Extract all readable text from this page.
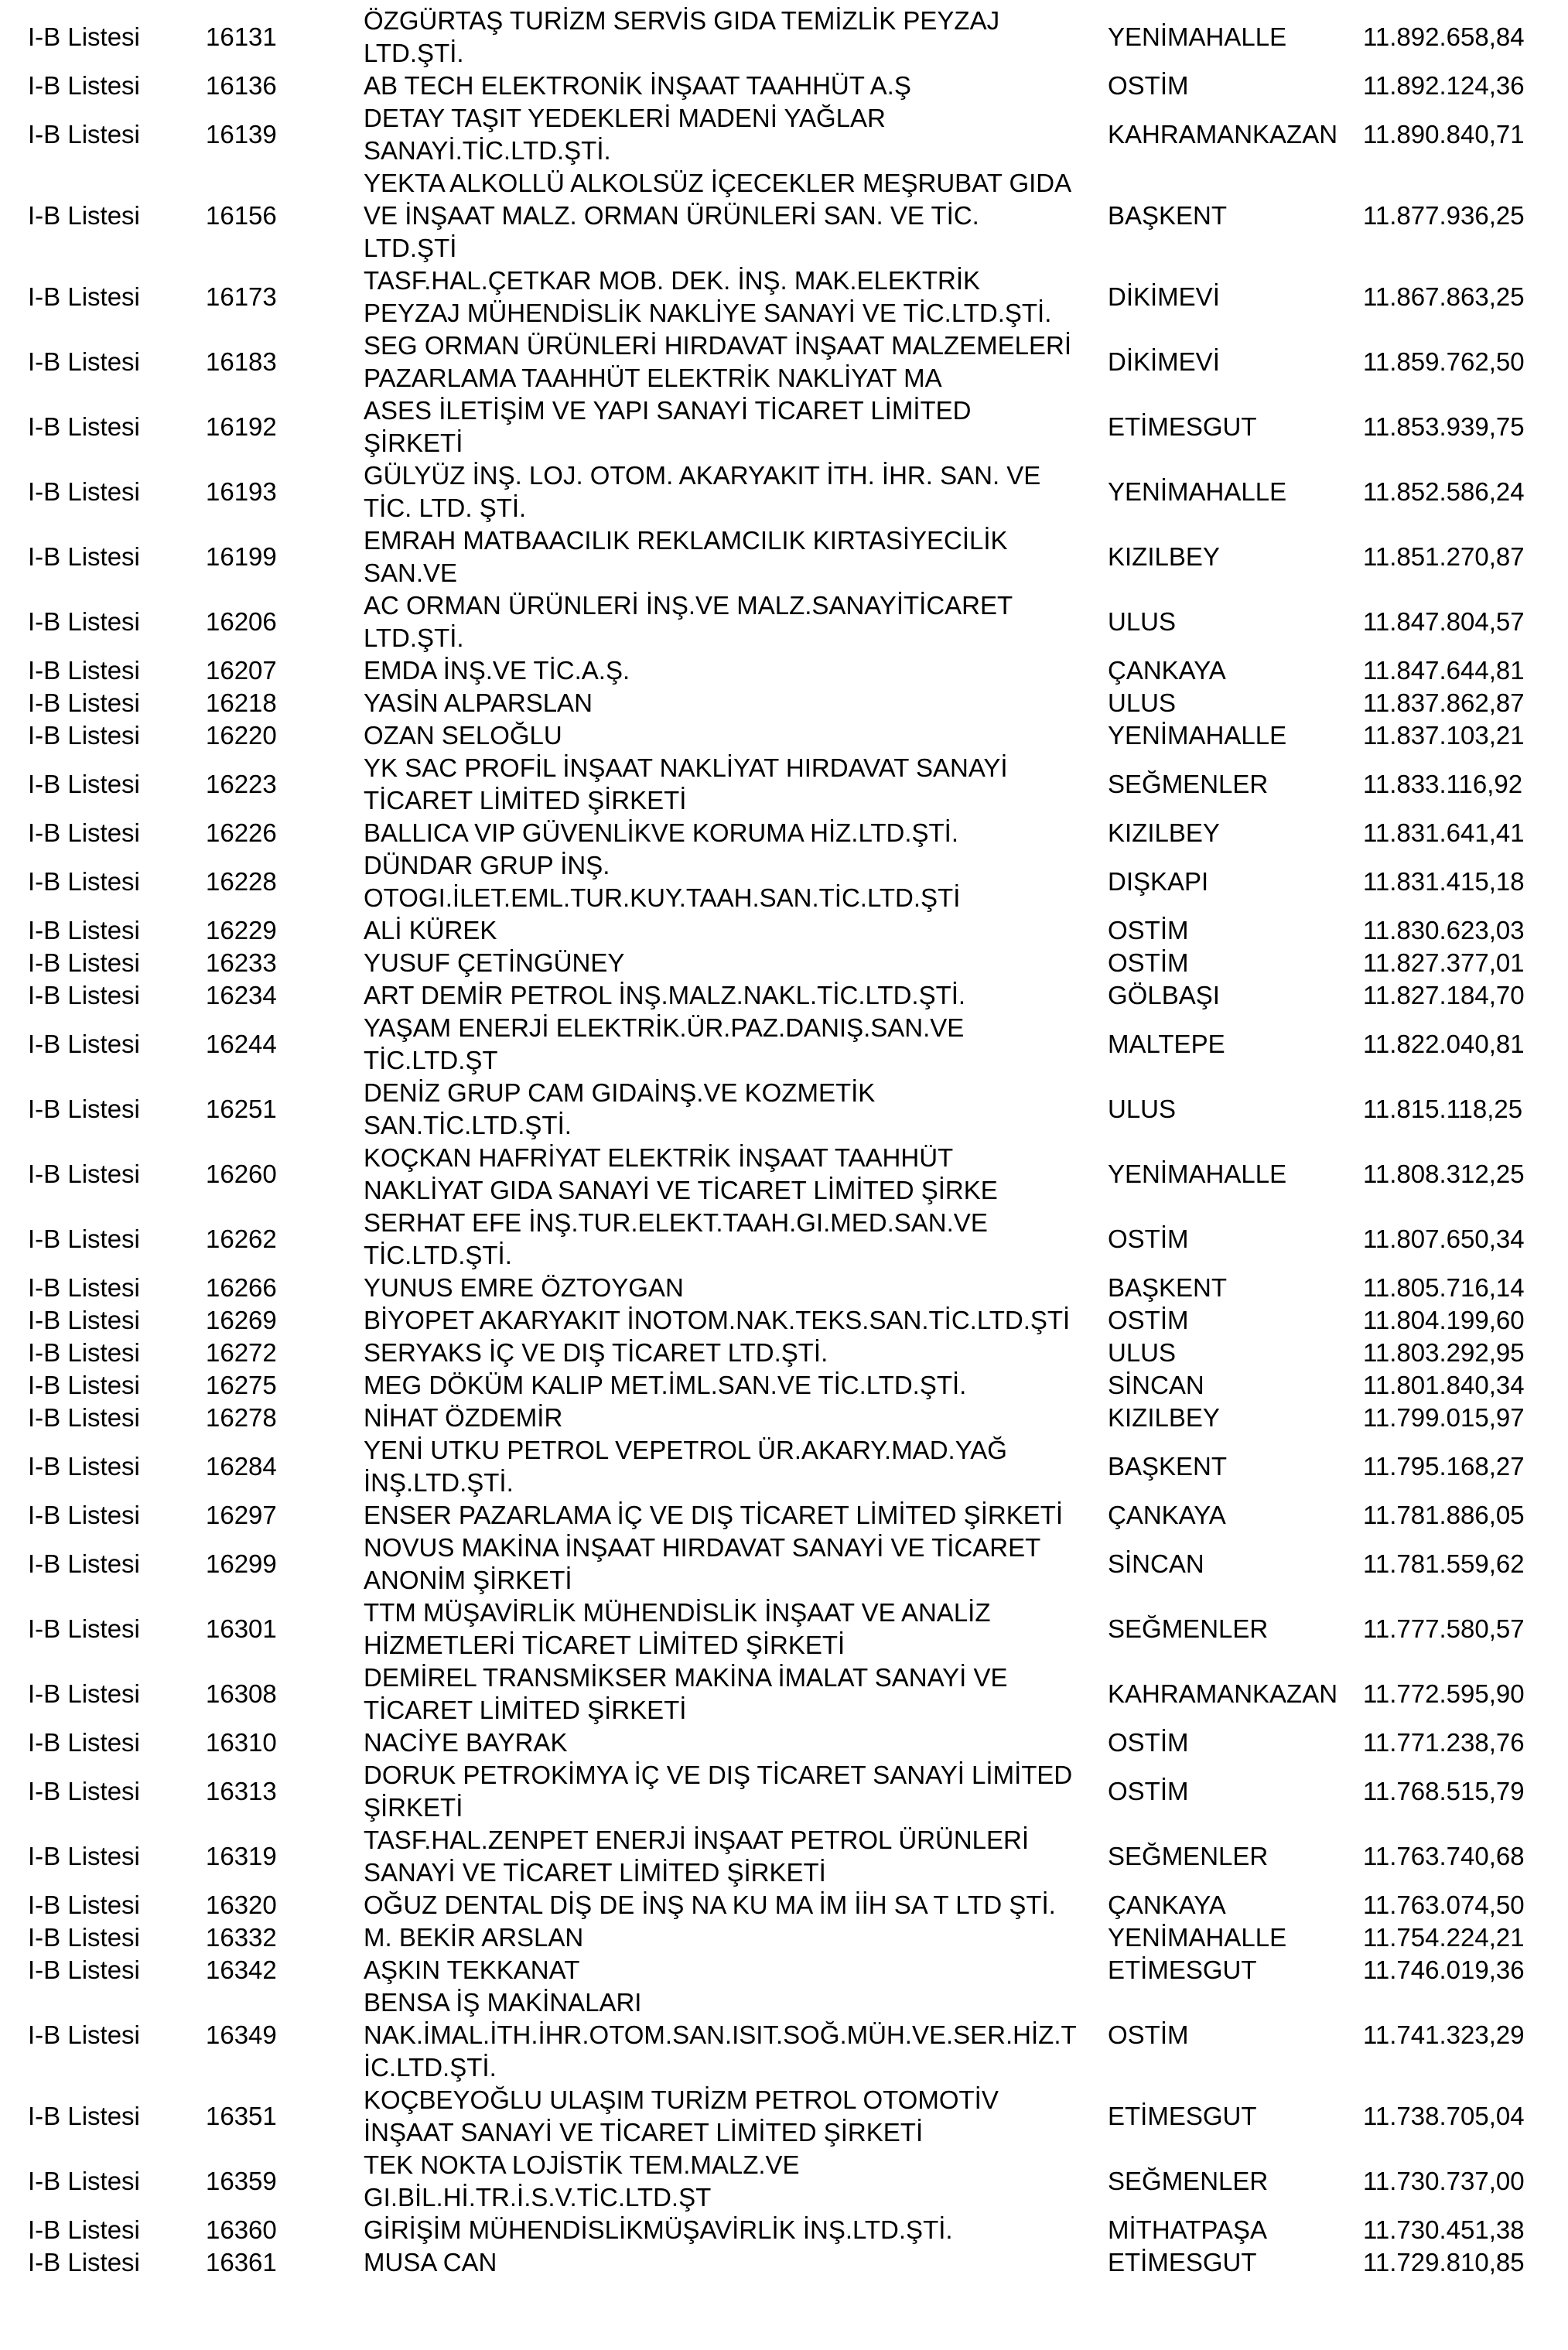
I-B Listesi	16131	ÖZGÜRTAŞ TURİZM SERVİS GIDA TEMİZLİK PEYZAJ
LTD.ŞTİ.	YENİMAHALLE	11.892.658,84

I-B Listesi	16136	AB TECH ELEKTRONİK İNŞAAT TAAHHÜT A.Ş	OSTİM	11.892.124,36

I-B Listesi	16139	DETAY TAŞIT YEDEKLERİ MADENİ YAĞLAR
SANAYİ.TİC.LTD.ŞTİ.	KAHRAMANKAZAN	11.890.840,71

I-B Listesi	16156	YEKTA ALKOLLÜ ALKOLSÜZ İÇECEKLER MEŞRUBAT GIDA
VE İNŞAAT MALZ. ORMAN ÜRÜNLERİ SAN. VE TİC.
LTD.ŞTİ	BAŞKENT	11.877.936,25

I-B Listesi	16173	TASF.HAL.ÇETKAR MOB. DEK. İNŞ. MAK.ELEKTRİK
PEYZAJ MÜHENDİSLİK NAKLİYE SANAYİ VE TİC.LTD.ŞTİ.	DİKİMEVİ	11.867.863,25

I-B Listesi	16183	SEG ORMAN ÜRÜNLERİ HIRDAVAT İNŞAAT MALZEMELERİ
PAZARLAMA TAAHHÜT ELEKTRİK NAKLİYAT MA	DİKİMEVİ	11.859.762,50

I-B Listesi	16192	ASES İLETİŞİM VE YAPI SANAYİ TİCARET LİMİTED
ŞİRKETİ	ETİMESGUT	11.853.939,75

I-B Listesi	16193	GÜLYÜZ İNŞ. LOJ. OTOM. AKARYAKIT İTH. İHR. SAN. VE
TİC. LTD. ŞTİ.	YENİMAHALLE	11.852.586,24

I-B Listesi	16199	EMRAH MATBAACILIK REKLAMCILIK KIRTASİYECİLİK
SAN.VE	KIZILBEY	11.851.270,87

I-B Listesi	16206	AC ORMAN ÜRÜNLERİ İNŞ.VE MALZ.SANAYİTİCARET
LTD.ŞTİ.	ULUS	11.847.804,57

I-B Listesi	16207	EMDA İNŞ.VE TİC.A.Ş.	ÇANKAYA	11.847.644,81

I-B Listesi	16218	YASİN ALPARSLAN	ULUS	11.837.862,87

I-B Listesi	16220	OZAN SELOĞLU	YENİMAHALLE	11.837.103,21

I-B Listesi	16223	YK SAC PROFİL İNŞAAT NAKLİYAT HIRDAVAT SANAYİ
TİCARET LİMİTED ŞİRKETİ	SEĞMENLER	11.833.116,92

I-B Listesi	16226	BALLICA VIP GÜVENLİKVE KORUMA HİZ.LTD.ŞTİ.	KIZILBEY	11.831.641,41

I-B Listesi	16228	DÜNDAR GRUP İNŞ.
OTOGI.İLET.EML.TUR.KUY.TAAH.SAN.TİC.LTD.ŞTİ	DIŞKAPI	11.831.415,18

I-B Listesi	16229	ALİ KÜREK	OSTİM	11.830.623,03

I-B Listesi	16233	YUSUF ÇETİNGÜNEY	OSTİM	11.827.377,01

I-B Listesi	16234	ART DEMİR PETROL İNŞ.MALZ.NAKL.TİC.LTD.ŞTİ.	GÖLBAŞI	11.827.184,70

I-B Listesi	16244	YAŞAM ENERJİ ELEKTRİK.ÜR.PAZ.DANIŞ.SAN.VE
TİC.LTD.ŞT	MALTEPE	11.822.040,81

I-B Listesi	16251	DENİZ GRUP CAM GIDAİNŞ.VE KOZMETİK
SAN.TİC.LTD.ŞTİ.	ULUS	11.815.118,25

I-B Listesi	16260	KOÇKAN HAFRİYAT ELEKTRİK İNŞAAT TAAHHÜT
NAKLİYAT GIDA SANAYİ VE TİCARET LİMİTED ŞİRKE	YENİMAHALLE	11.808.312,25

I-B Listesi	16262	SERHAT EFE İNŞ.TUR.ELEKT.TAAH.GI.MED.SAN.VE
TİC.LTD.ŞTİ.	OSTİM	11.807.650,34

I-B Listesi	16266	YUNUS EMRE ÖZTOYGAN	BAŞKENT	11.805.716,14

I-B Listesi	16269	BİYOPET AKARYAKIT İNOTOM.NAK.TEKS.SAN.TİC.LTD.ŞTİ	OSTİM	11.804.199,60

I-B Listesi	16272	SERYAKS İÇ VE DIŞ TİCARET LTD.ŞTİ.	ULUS	11.803.292,95

I-B Listesi	16275	MEG DÖKÜM KALIP MET.İML.SAN.VE TİC.LTD.ŞTİ.	SİNCAN	11.801.840,34

I-B Listesi	16278	NİHAT ÖZDEMİR	KIZILBEY	11.799.015,97

I-B Listesi	16284	YENİ UTKU PETROL VEPETROL ÜR.AKARY.MAD.YAĞ
İNŞ.LTD.ŞTİ.	BAŞKENT	11.795.168,27

I-B Listesi	16297	ENSER PAZARLAMA İÇ VE DIŞ TİCARET LİMİTED ŞİRKETİ	ÇANKAYA	11.781.886,05

I-B Listesi	16299	NOVUS MAKİNA İNŞAAT HIRDAVAT SANAYİ VE TİCARET
ANONİM ŞİRKETİ	SİNCAN	11.781.559,62

I-B Listesi	16301	TTM MÜŞAVİRLİK MÜHENDİSLİK İNŞAAT VE ANALİZ
HİZMETLERİ TİCARET LİMİTED ŞİRKETİ	SEĞMENLER	11.777.580,57

I-B Listesi	16308	DEMİREL TRANSMİKSER MAKİNA İMALAT SANAYİ VE
TİCARET LİMİTED ŞİRKETİ	KAHRAMANKAZAN	11.772.595,90

I-B Listesi	16310	NACİYE BAYRAK	OSTİM	11.771.238,76

I-B Listesi	16313	DORUK PETROKİMYA İÇ VE DIŞ TİCARET SANAYİ LİMİTED
ŞİRKETİ	OSTİM	11.768.515,79

I-B Listesi	16319	TASF.HAL.ZENPET ENERJİ İNŞAAT PETROL ÜRÜNLERİ
SANAYİ VE TİCARET LİMİTED ŞİRKETİ	SEĞMENLER	11.763.740,68

I-B Listesi	16320	OĞUZ DENTAL DİŞ DE İNŞ NA KU MA İM İİH SA T LTD ŞTİ.	ÇANKAYA	11.763.074,50

I-B Listesi	16332	M. BEKİR ARSLAN	YENİMAHALLE	11.754.224,21

I-B Listesi	16342	AŞKIN TEKKANAT	ETİMESGUT	11.746.019,36

I-B Listesi	16349	BENSA İŞ MAKİNALARI
NAK.İMAL.İTH.İHR.OTOM.SAN.ISIT.SOĞ.MÜH.VE.SER.HİZ.T
İC.LTD.ŞTİ.	OSTİM	11.741.323,29

I-B Listesi	16351	KOÇBEYOĞLU ULAŞIM TURİZM PETROL OTOMOTİV
İNŞAAT SANAYİ VE TİCARET LİMİTED ŞİRKETİ	ETİMESGUT	11.738.705,04

I-B Listesi	16359	TEK NOKTA LOJİSTİK TEM.MALZ.VE
GI.BİL.Hİ.TR.İ.S.V.TİC.LTD.ŞT	SEĞMENLER	11.730.737,00

I-B Listesi	16360	GİRİŞİM MÜHENDİSLİKMÜŞAVİRLİK İNŞ.LTD.ŞTİ.	MİTHATPAŞA	11.730.451,38

I-B Listesi	16361	MUSA CAN	ETİMESGUT	11.729.810,85
